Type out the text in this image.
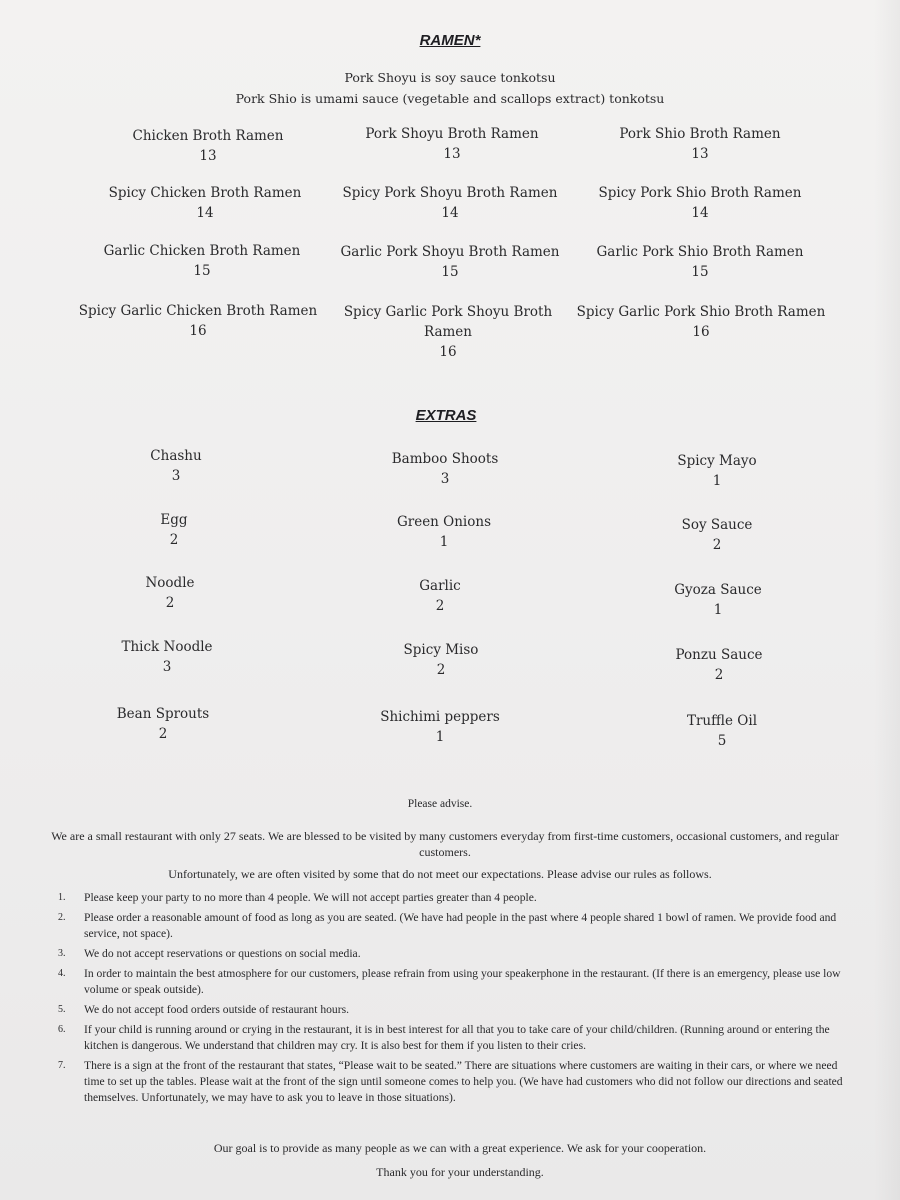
RAMEN*
Pork Shoyu is soy sauce tonkotsu
Pork Shio is umami sauce (vegetable and scallops extract) tonkotsu
Chicken Broth Ramen
13
Pork Shoyu Broth Ramen
13
Pork Shio Broth Ramen
13
Spicy Chicken Broth Ramen
14
Spicy Pork Shoyu Broth Ramen
14
Spicy Pork Shio Broth Ramen
14
Garlic Chicken Broth Ramen
15
Garlic Pork Shoyu Broth Ramen
15
Garlic Pork Shio Broth Ramen
15
Spicy Garlic Chicken Broth Ramen
16
Spicy Garlic Pork Shoyu Broth Ramen
16
Spicy Garlic Pork Shio Broth Ramen
16
EXTRAS
Chashu
3
Bamboo Shoots
3
Spicy Mayo
1
Egg
2
Green Onions
1
Soy Sauce
2
Noodle
2
Garlic
2
Gyoza Sauce
1
Thick Noodle
3
Spicy Miso
2
Ponzu Sauce
2
Bean Sprouts
2
Shichimi peppers
1
Truffle Oil
5
Please advise.
We are a small restaurant with only 27 seats. We are blessed to be visited by many customers everyday from first-time customers, occasional customers, and regular customers.
Unfortunately, we are often visited by some that do not meet our expectations. Please advise our rules as follows.
1. Please keep your party to no more than 4 people. We will not accept parties greater than 4 people.
2. Please order a reasonable amount of food as long as you are seated. (We have had people in the past where 4 people shared 1 bowl of ramen. We provide food and service, not space).
3. We do not accept reservations or questions on social media.
4. In order to maintain the best atmosphere for our customers, please refrain from using your speakerphone in the restaurant. (If there is an emergency, please use low volume or speak outside).
5. We do not accept food orders outside of restaurant hours.
6. If your child is running around or crying in the restaurant, it is in best interest for all that you to take care of your child/children. (Running around or entering the kitchen is dangerous. We understand that children may cry. It is also best for them if you listen to their cries.
7. There is a sign at the front of the restaurant that states, “Please wait to be seated.” There are situations where customers are waiting in their cars, or where we need time to set up the tables. Please wait at the front of the sign until someone comes to help you. (We have had customers who did not follow our directions and seated themselves. Unfortunately, we may have to ask you to leave in those situations).
Our goal is to provide as many people as we can with a great experience. We ask for your cooperation.
Thank you for your understanding.
